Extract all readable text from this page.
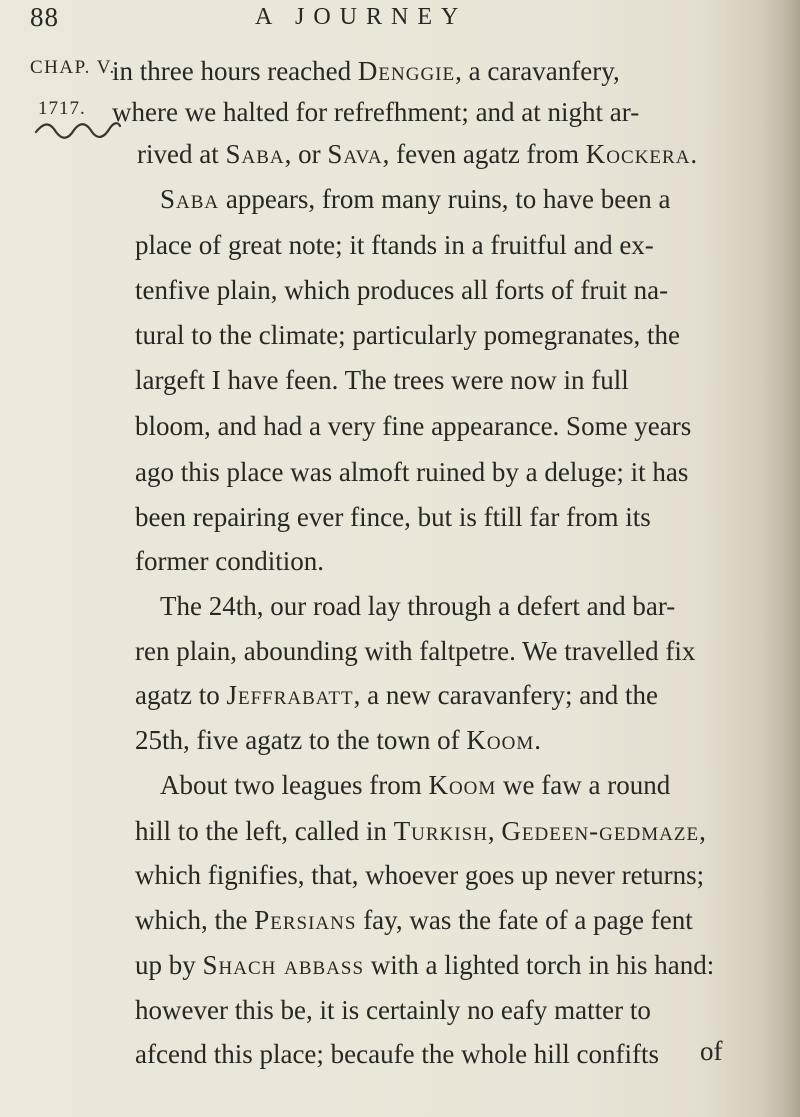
88	A JOURNEY
CHAP. V.
1717.
in three hours reached Denggie, a caravanfery,
where we halted for refrefhment; and at night ar-
rived at Saba, or Sava, feven agatz from Kockera.
Saba appears, from many ruins, to have been a
place of great note; it ftands in a fruitful and ex-
tenfive plain, which produces all forts of fruit na-
tural to the climate; particularly pomegranates, the
largeft I have feen. The trees were now in full
bloom, and had a very fine appearance. Some years
ago this place was almoft ruined by a deluge; it has
been repairing ever fince, but is ftill far from its
former condition.
The 24th, our road lay through a defert and bar-
ren plain, abounding with faltpetre. We travelled fix
agatz to Jeffrabatt, a new caravanfery; and the
25th, five agatz to the town of Koom.
About two leagues from Koom we faw a round
hill to the left, called in Turkish, Gedeen-gedmaze,
which fignifies, that, whoever goes up never returns;
which, the Persians fay, was the fate of a page fent
up by Shach abbass with a lighted torch in his hand:
however this be, it is certainly no eafy matter to
afcend this place; becaufe the whole hill confifts of
